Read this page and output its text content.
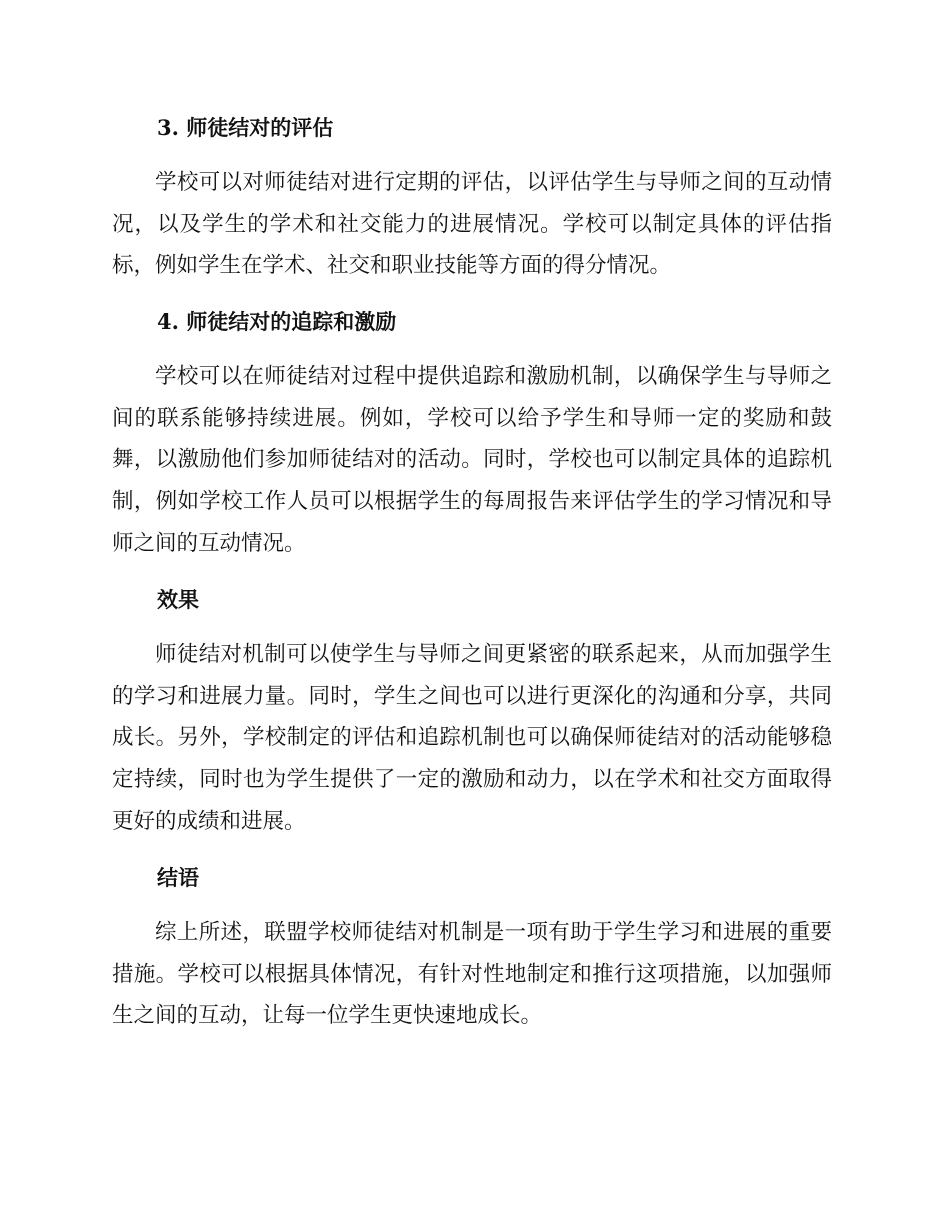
3. 师徒结对的评估

学校可以对师徒结对进行定期的评估，以评估学生与导师之间的互动情况，以及学生的学术和社交能力的进展情况。学校可以制定具体的评估指标，例如学生在学术、社交和职业技能等方面的得分情况。

4. 师徒结对的追踪和激励

学校可以在师徒结对过程中提供追踪和激励机制，以确保学生与导师之间的联系能够持续进展。例如，学校可以给予学生和导师一定的奖励和鼓舞，以激励他们参加师徒结对的活动。同时，学校也可以制定具体的追踪机制，例如学校工作人员可以根据学生的每周报告来评估学生的学习情况和导师之间的互动情况。

效果

师徒结对机制可以使学生与导师之间更紧密的联系起来，从而加强学生的学习和进展力量。同时，学生之间也可以进行更深化的沟通和分享，共同成长。另外，学校制定的评估和追踪机制也可以确保师徒结对的活动能够稳定持续，同时也为学生提供了一定的激励和动力，以在学术和社交方面取得更好的成绩和进展。

结语

综上所述，联盟学校师徒结对机制是一项有助于学生学习和进展的重要措施。学校可以根据具体情况，有针对性地制定和推行这项措施，以加强师生之间的互动，让每一位学生更快速地成长。
